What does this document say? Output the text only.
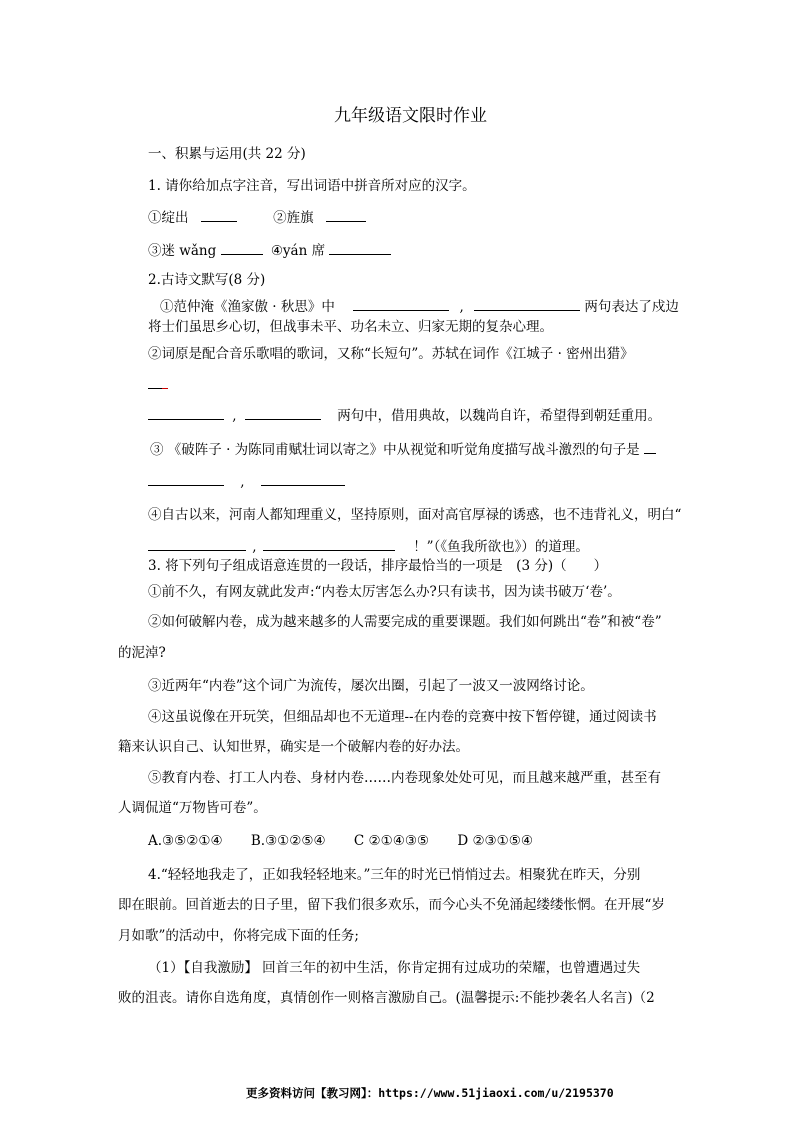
九年级语文限时作业
一、积累与运用(共 22 分)
1. 请你给加点字注音，写出词语中拼音所对应的汉字。
①绽出	②旌旗
③迷 wǎng	④yán 席
2.古诗文默写(8 分)
①范仲淹《渔家傲 · 秋思》中	,	两句表达了戍边
将士们虽思乡心切，但战事未平、功名未立、归家无期的复杂心理。
②词原是配合音乐歌唱的歌词，又称“长短句”。苏轼在词作《江城子 · 密州出猎》
,	两句中，借用典故，以魏尚自许，希望得到朝廷重用。
③ 《破阵子 · 为陈同甫赋壮词以寄之》中从视觉和听觉角度描写战斗激烈的句子是
,
④自古以来，河南人都知理重义，坚持原则，面对高官厚禄的诱惑，也不违背礼义，明白“
,	！”（《鱼我所欲也》）的道理。
3. 将下列句子组成语意连贯的一段话，排序最恰当的一项是　(3 分)（　　）
①前不久，有网友就此发声:“内卷太厉害怎么办?只有读书，因为读书破万‘卷’。
②如何破解内卷，成为越来越多的人需要完成的重要课题。我们如何跳出“卷”和被“卷”
的泥淖?
③近两年“内卷”这个词广为流传，屡次出圈，引起了一波又一波网络讨论。
④这虽说像在开玩笑，但细品却也不无道理--在内卷的竞赛中按下暂停键，通过阅读书
籍来认识自己、认知世界，确实是一个破解内卷的好办法。
⑤教育内卷、打工人内卷、身材内卷……内卷现象处处可见，而且越来越严重，甚至有
人调侃道“万物皆可卷”。
A.③⑤②①④ B.③①②⑤④ C ②①④③⑤ D ②③①⑤④
4.“轻轻地我走了，正如我轻轻地来。”三年的时光已悄悄过去。相聚犹在昨天，分别
即在眼前。回首逝去的日子里，留下我们很多欢乐，而今心头不免涌起缕缕怅惘。在开展“岁
月如歌”的活动中，你将完成下面的任务;
（1）【自我激励】 回首三年的初中生活，你肯定拥有过成功的荣耀，也曾遭遇过失
败的沮丧。请你自选角度，真情创作一则格言激励自己。(温馨提示:不能抄袭名人名言)（2
更多资料访问【教习网】：https://www.51jiaoxi.com/u/2195370
